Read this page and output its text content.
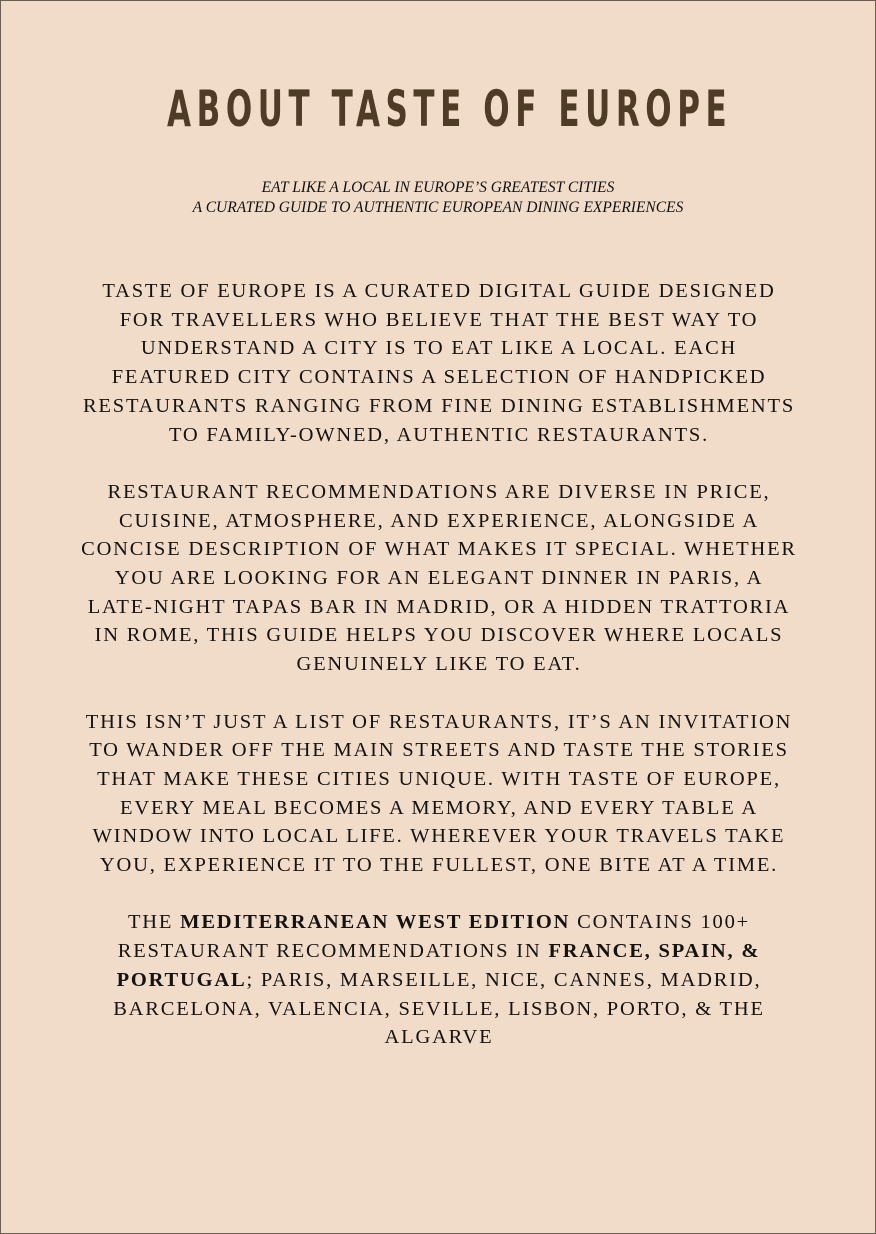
ABOUT TASTE OF EUROPE
EAT LIKE A LOCAL IN EUROPE’S GREATEST CITIES
A CURATED GUIDE TO AUTHENTIC EUROPEAN DINING EXPERIENCES

TASTE OF EUROPE IS A CURATED DIGITAL GUIDE DESIGNED FOR TRAVELLERS WHO BELIEVE THAT THE BEST WAY TO UNDERSTAND A CITY IS TO EAT LIKE A LOCAL. EACH FEATURED CITY CONTAINS A SELECTION OF HANDPICKED RESTAURANTS RANGING FROM FINE DINING ESTABLISHMENTS TO FAMILY-OWNED, AUTHENTIC RESTAURANTS.

RESTAURANT RECOMMENDATIONS ARE DIVERSE IN PRICE, CUISINE, ATMOSPHERE, AND EXPERIENCE, ALONGSIDE A CONCISE DESCRIPTION OF WHAT MAKES IT SPECIAL. WHETHER YOU ARE LOOKING FOR AN ELEGANT DINNER IN PARIS, A LATE-NIGHT TAPAS BAR IN MADRID, OR A HIDDEN TRATTORIA IN ROME, THIS GUIDE HELPS YOU DISCOVER WHERE LOCALS GENUINELY LIKE TO EAT.

THIS ISN’T JUST A LIST OF RESTAURANTS, IT’S AN INVITATION TO WANDER OFF THE MAIN STREETS AND TASTE THE STORIES THAT MAKE THESE CITIES UNIQUE. WITH TASTE OF EUROPE, EVERY MEAL BECOMES A MEMORY, AND EVERY TABLE A WINDOW INTO LOCAL LIFE. WHEREVER YOUR TRAVELS TAKE YOU, EXPERIENCE IT TO THE FULLEST, ONE BITE AT A TIME.

THE MEDITERRANEAN WEST EDITION CONTAINS 100+ RESTAURANT RECOMMENDATIONS IN FRANCE, SPAIN, & PORTUGAL; PARIS, MARSEILLE, NICE, CANNES, MADRID, BARCELONA, VALENCIA, SEVILLE, LISBON, PORTO, & THE ALGARVE
